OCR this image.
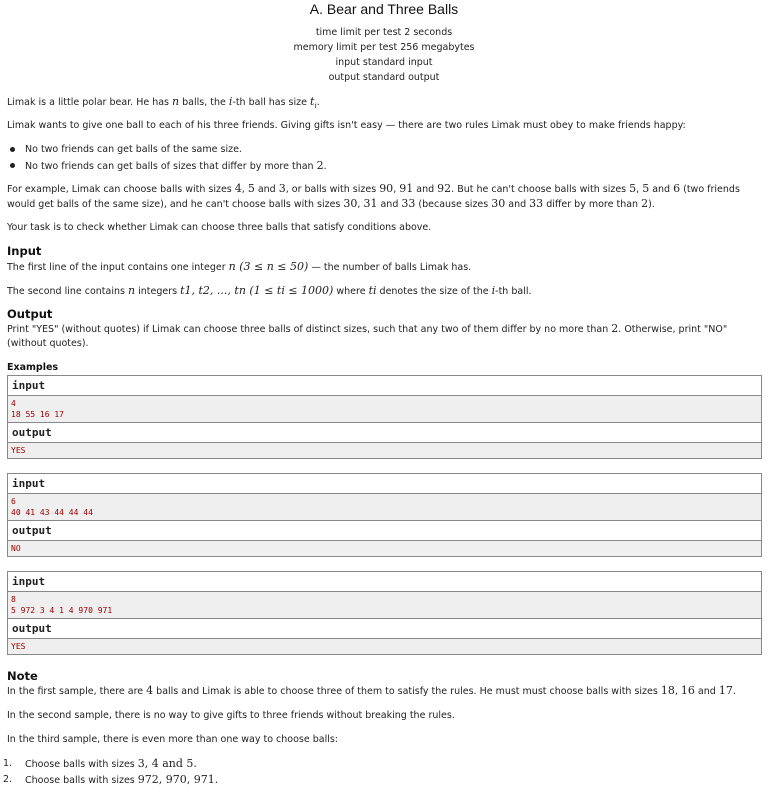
A. Bear and Three Balls
time limit per test 2 seconds
memory limit per test 256 megabytes
input standard input
output standard output
Limak is a little polar bear. He has n balls, the i-th ball has size $t_i$.
Limak wants to give one ball to each of his three friends. Giving gifts isn't easy — there are two rules Limak must obey to make friends happy:
No two friends can get balls of the same size.
No two friends can get balls of sizes that differ by more than 2.
For example, Limak can choose balls with sizes 4, 5 and 3, or balls with sizes 90, 91 and 92. But he can't choose balls with sizes 5, 5 and 6 (two friends would get balls of the same size), and he can't choose balls with sizes 30, 31 and 33 (because sizes 30 and 33 differ by more than 2).
Your task is to check whether Limak can choose three balls that satisfy conditions above.
Input
The first line of the input contains one integer n (3 ≤ n ≤ 50) — the number of balls Limak has.
The second line contains n integers t1, t2, ..., tn (1 ≤ ti ≤ 1000) where ti denotes the size of the i-th ball.
Output
Print "YES" (without quotes) if Limak can choose three balls of distinct sizes, such that any two of them differ by no more than 2. Otherwise, print "NO" (without quotes).
Examples
input
4
18 55 16 17
output
YES
input
6
40 41 43 44 44 44
output
NO
input
8
5 972 3 4 1 4 970 971
output
YES
Note
In the first sample, there are 4 balls and Limak is able to choose three of them to satisfy the rules. He must must choose balls with sizes 18, 16 and 17.
In the second sample, there is no way to give gifts to three friends without breaking the rules.
In the third sample, there is even more than one way to choose balls:
1. Choose balls with sizes 3, 4 and 5.
2. Choose balls with sizes 972, 970, 971.
